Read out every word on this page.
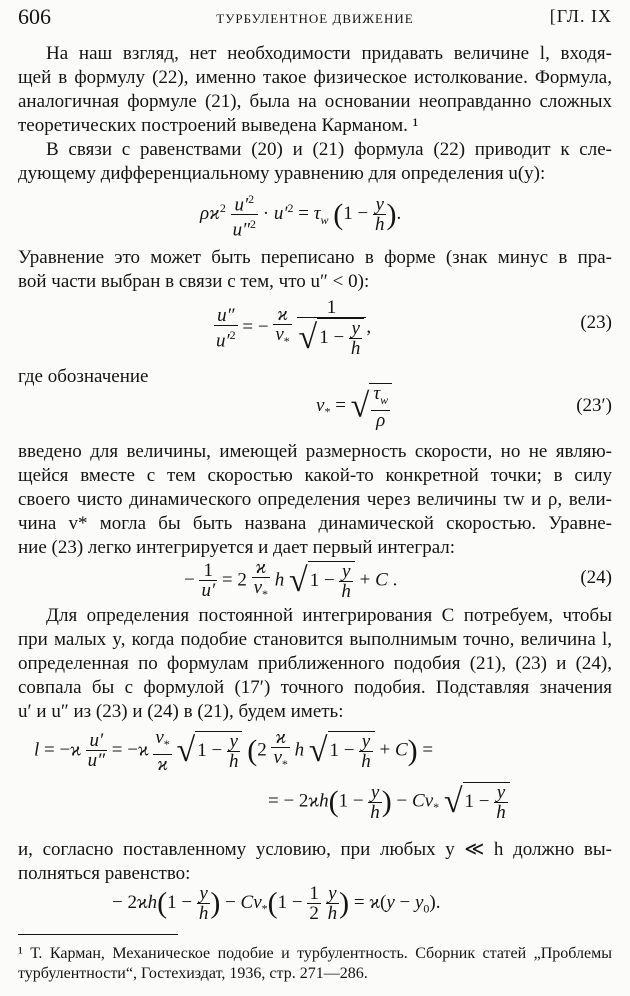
606	ТУРБУЛЕНТНОЕ ДВИЖЕНИЕ	[ГЛ. IX
На наш взгляд, нет необходимости придавать величине l, входя-
щей в формулу (22), именно такое физическое истолкование. Формула,
аналогичная формуле (21), была на основании неоправданно сложных
теоретических построений выведена Карманом. ¹
В связи с равенствами (20) и (21) формула (22) приводит к сле-
дующему дифференциальному уравнению для определения u(y):
$\rho ϰ^2 \frac{u'^2}{u''^2} \cdot u'^2 = \tau_w$ ($1 - \frac{y}{h}$ ).
Уравнение это может быть переписано в форме (знак минус в пра-
вой части выбран в связи с тем, что u″ < 0):
$\frac{u''}{u'^2}$ = − $\frac{ϰ}{v_*}$
$\frac{1}{√ 1 - \frac{y}{h}}$ ,	(23)
где обозначение
$v_*$ = √ $\frac{\tau_w}{\rho}$	(23′)
введено для величины, имеющей размерность скорости, но не являю-
щейся вместе с тем скоростью какой-то конкретной точки; в силу
своего чисто динамического определения через величины τw и ρ, вели-
чина v* могла бы быть названа динамической скоростью. Уравне-
ние (23) легко интегрируется и дает первый интеграл:
− $\frac{1}{u'} = 2 \frac{ϰ}{v_*}$ h √ $1 - \frac{y}{h} + C$ .	(24)
Для определения постоянной интегрирования C потребуем, чтобы
при малых y, когда подобие становится выполнимым точно, величина l,
определенная по формулам приближенного подобия (21), (23) и (24),
совпала бы с формулой (17′) точного подобия. Подставляя значения
u′ и u″ из (23) и (24) в (21), будем иметь:
$l = -ϰ \frac{u'}{u''} = -ϰ \frac{v_*}{ϰ}$ √ $1 - \frac{y}{h} (2 \frac{ϰ}{v_*}$ h √ $1 - \frac{y}{h} + C$) =
= − $2ϰh(1 - \frac{y}{h}$ ) − $Cv_*$ √ $1 - \frac{y}{h}$
и, согласно поставленному условию, при любых y ≪ h должно вы-
полняться равенство:
− $2ϰh(1 - \frac{y}{h}$ ) − $Cv_*(1 - \frac{1}{2}$
$\frac{y}{h}$ ) = $ϰ(y - y_0)$.
¹ Т. Карман, Механическое подобие и турбулентность. Сборник статей „Проблемы турбулентности“, Гостехиздат, 1936, стр. 271—286.
